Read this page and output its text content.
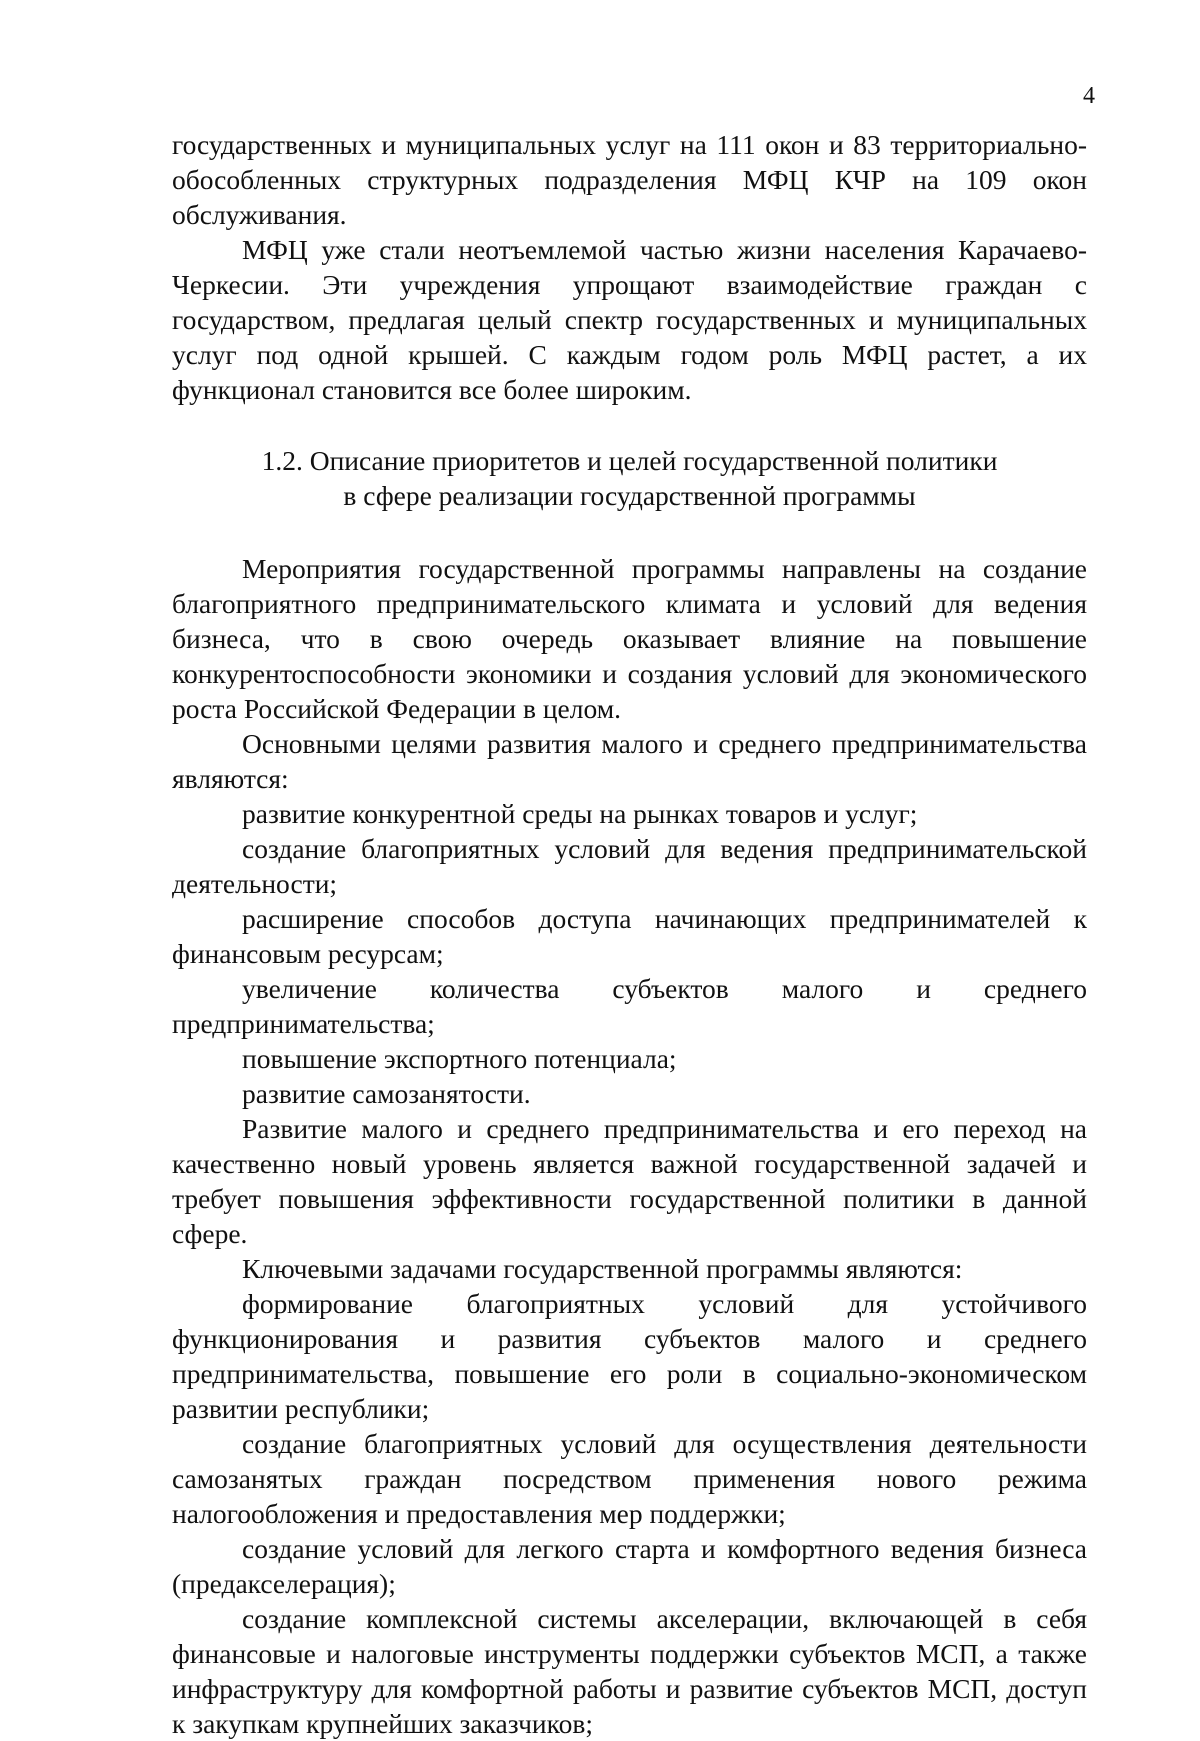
4

государственных и муниципальных услуг на 111 окон и 83 территориально-обособленных структурных подразделения МФЦ КЧР на 109 окон обслуживания.

МФЦ уже стали неотъемлемой частью жизни населения Карачаево-Черкесии. Эти учреждения упрощают взаимодействие граждан с государством, предлагая целый спектр государственных и муниципальных услуг под одной крышей. С каждым годом роль МФЦ растет, а их функционал становится все более широким.

1.2. Описание приоритетов и целей государственной политики
в сфере реализации государственной программы

Мероприятия государственной программы направлены на создание благоприятного предпринимательского климата и условий для ведения бизнеса, что в свою очередь оказывает влияние на повышение конкурентоспособности экономики и создания условий для экономического роста Российской Федерации в целом.

Основными целями развития малого и среднего предпринимательства являются:

развитие конкурентной среды на рынках товаров и услуг;

создание благоприятных условий для ведения предпринимательской деятельности;

расширение способов доступа начинающих предпринимателей к финансовым ресурсам;

увеличение количества субъектов малого и среднего предпринимательства;

повышение экспортного потенциала;

развитие самозанятости.

Развитие малого и среднего предпринимательства и его переход на качественно новый уровень является важной государственной задачей и требует повышения эффективности государственной политики в данной сфере.

Ключевыми задачами государственной программы являются:

формирование благоприятных условий для устойчивого функционирования и развития субъектов малого и среднего предпринимательства, повышение его роли в социально-экономическом развитии республики;

создание благоприятных условий для осуществления деятельности самозанятых граждан посредством применения нового режима налогообложения и предоставления мер поддержки;

создание условий для легкого старта и комфортного ведения бизнеса (предакселерация);

создание комплексной системы акселерации, включающей в себя финансовые и налоговые инструменты поддержки субъектов МСП, а также инфраструктуру для комфортной работы и развитие субъектов МСП, доступ к закупкам крупнейших заказчиков;
